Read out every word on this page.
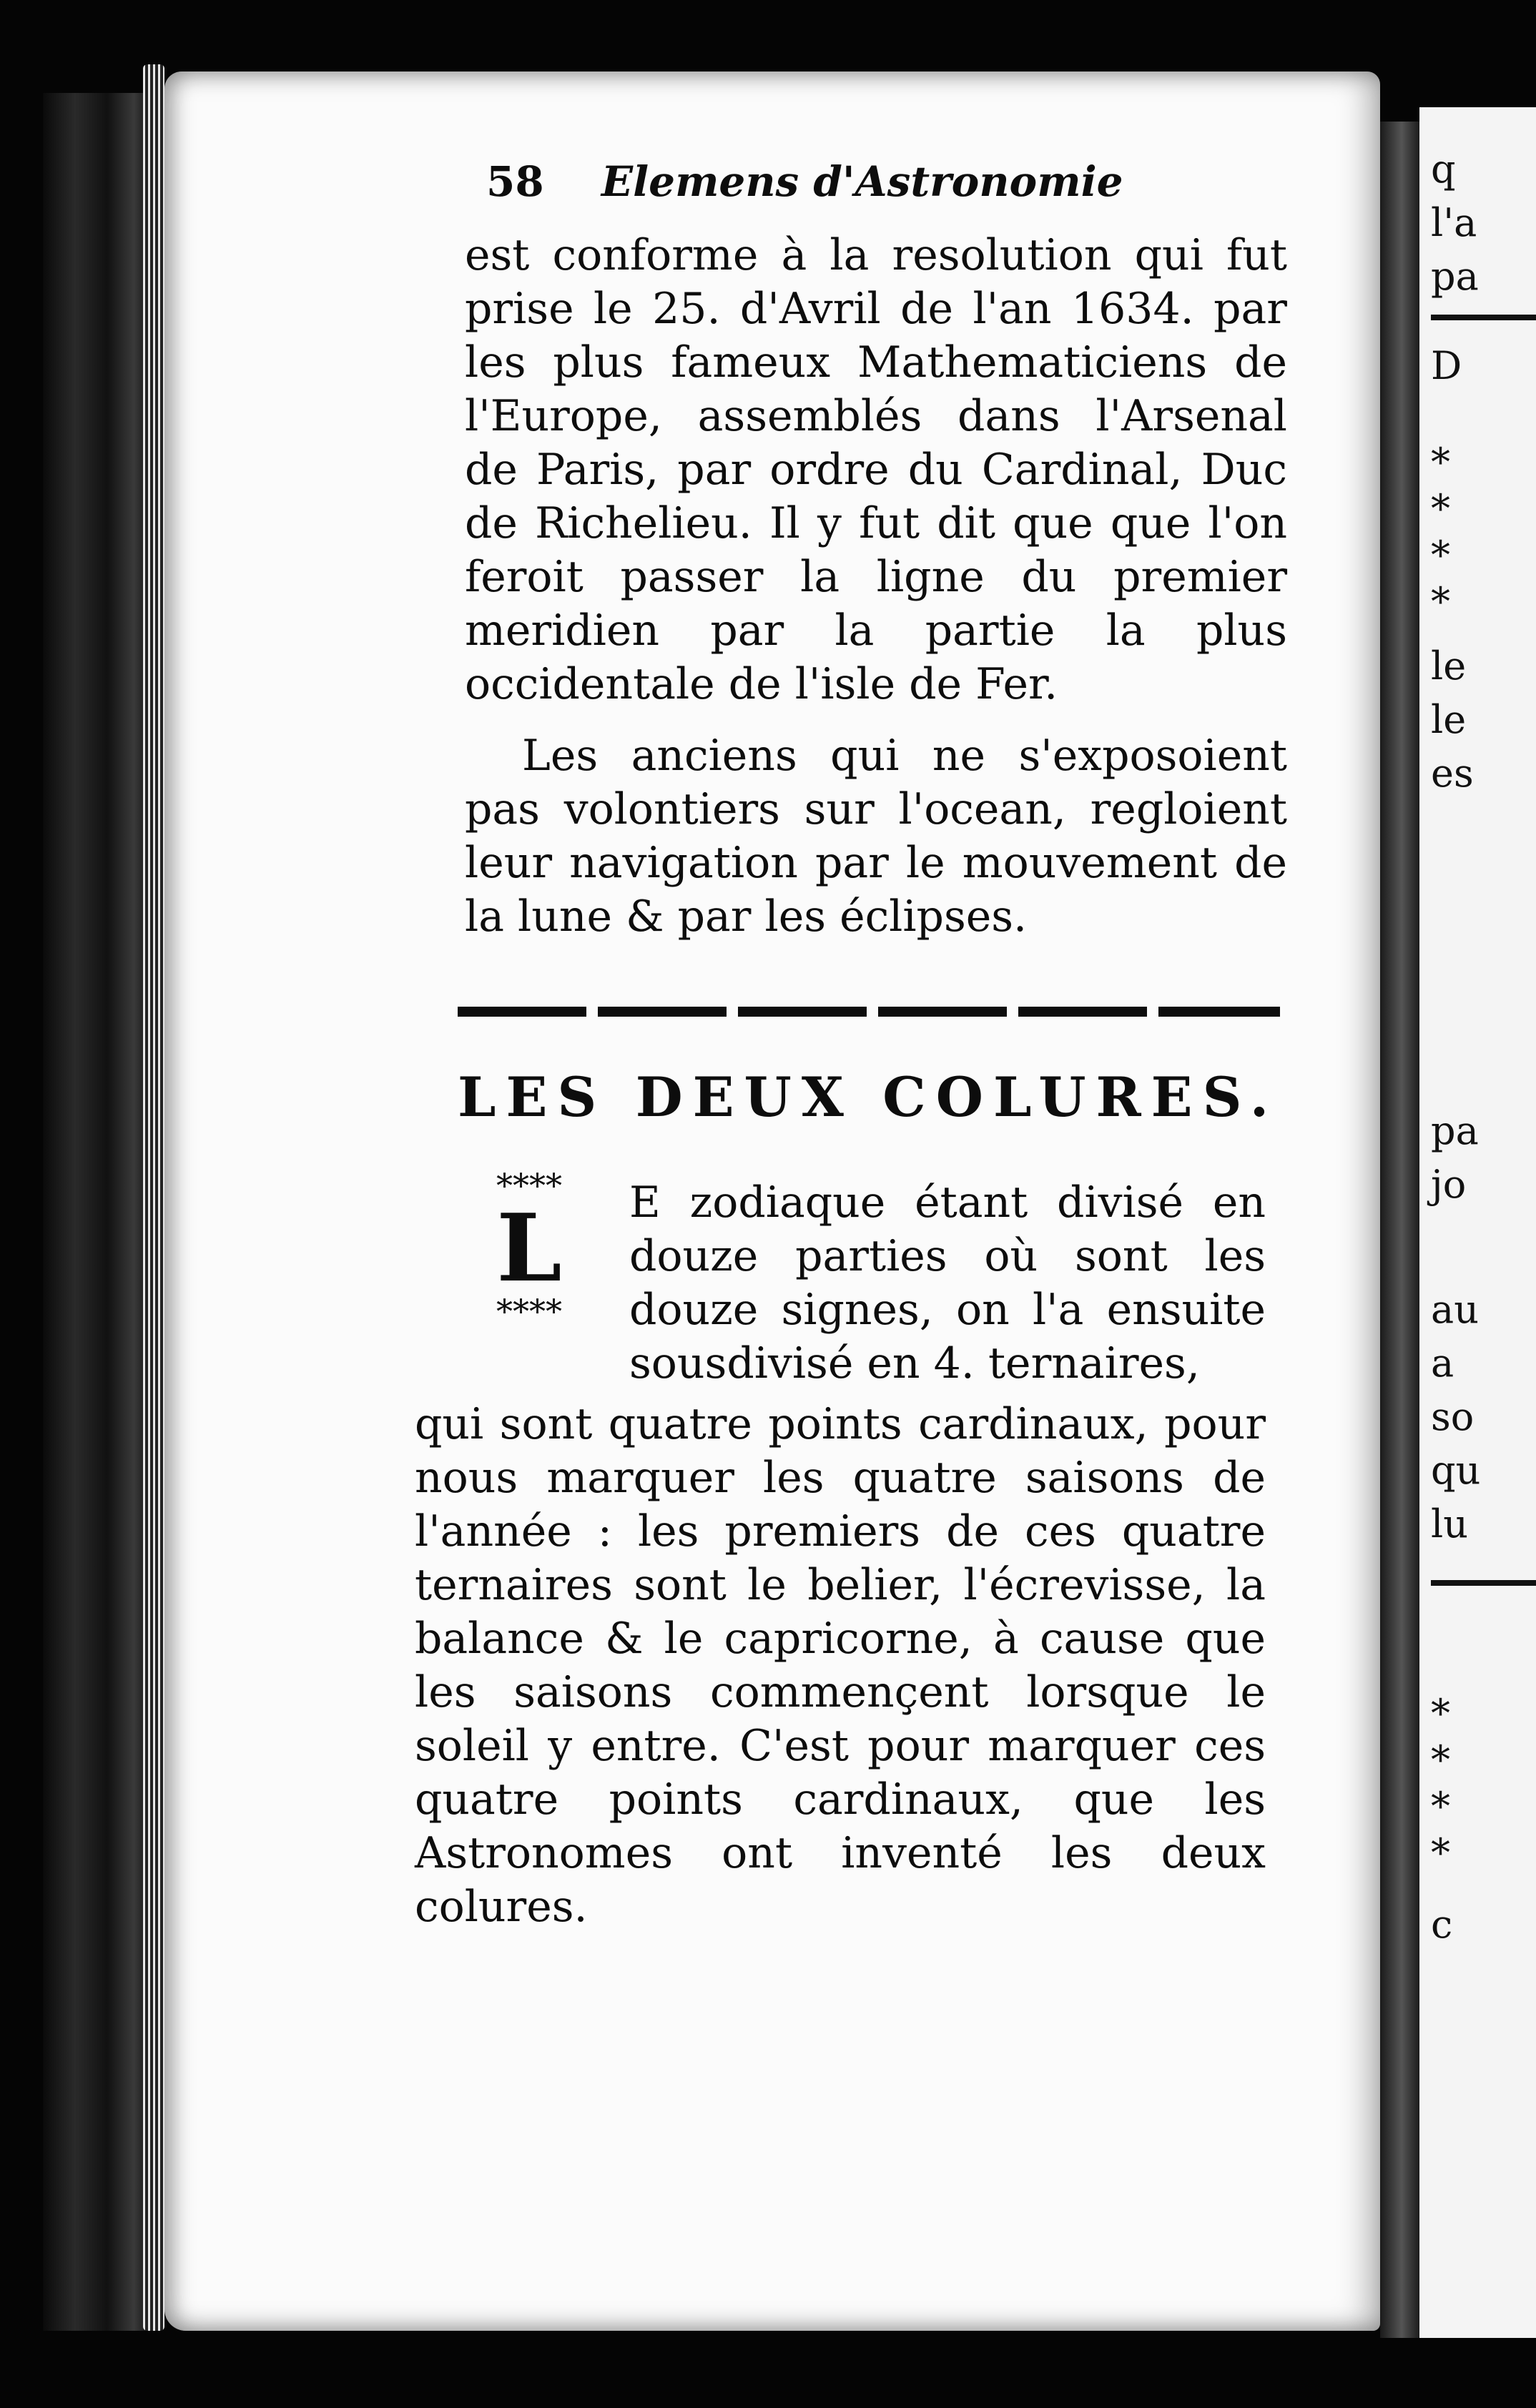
q
l'a
pa
D
*
*
*
*
le
le
es
pa
jo
au
a
so
qu
lu
*
*
*
*
c
58 Elemens d'Astronomie
est conforme à la resolution qui fut prise le 25. d'Avril de l'an 1634. par les plus fameux Mathematiciens de l'Europe, assemblés dans l'Arsenal de Paris, par ordre du Cardinal, Duc de Richelieu. Il y fut dit que que l'on feroit passer la ligne du premier meridien par la partie la plus occidentale de l'isle de Fer.
Les anciens qui ne s'exposoient pas volontiers sur l'ocean, regloient leur navigation par le mouvement de la lune & par les éclipses.
LES DEUX COLURES.
****
L
****
E zodiaque étant divisé en douze parties où sont les douze signes, on l'a ensuite sousdivisé en 4. ternaires,
qui sont quatre points cardinaux, pour nous marquer les quatre saisons de l'année : les premiers de ces quatre ternaires sont le belier, l'écrevisse, la balance & le capricorne, à cause que les saisons commençent lorsque le soleil y entre. C'est pour marquer ces quatre points cardinaux, que les Astronomes ont inventé les deux colures.
